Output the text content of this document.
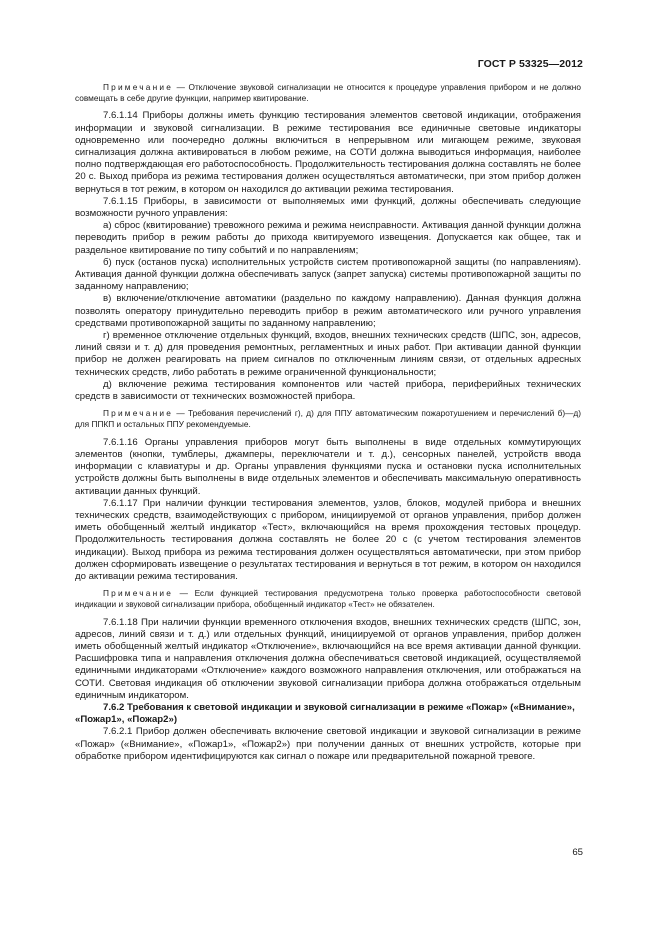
ГОСТ Р 53325—2012

Примечание — Отключение звуковой сигнализации не относится к процедуре управления прибором и не должно совмещать в себе другие функции, например квитирование.

7.6.1.14 Приборы должны иметь функцию тестирования элементов световой индикации, отображения информации и звуковой сигнализации. В режиме тестирования все единичные световые индикаторы одновременно или поочередно должны включиться в непрерывном или мигающем режиме, звуковая сигнализация должна активироваться в любом режиме, на СОТИ должна выводиться информация, наиболее полно подтверждающая его работоспособность. Продолжительность тестирования должна составлять не более 20 с. Выход прибора из режима тестирования должен осуществляться автоматически, при этом прибор должен вернуться в тот режим, в котором он находился до активации режима тестирования.

7.6.1.15 Приборы, в зависимости от выполняемых ими функций, должны обеспечивать следующие возможности ручного управления:

а) сброс (квитирование) тревожного режима и режима неисправности. Активация данной функции должна переводить прибор в режим работы до прихода квитируемого извещения. Допускается как общее, так и раздельное квитирование по типу событий и по направлениям;

б) пуск (останов пуска) исполнительных устройств систем противопожарной защиты (по направлениям). Активация данной функции должна обеспечивать запуск (запрет запуска) системы противопожарной защиты по заданному направлению;

в) включение/отключение автоматики (раздельно по каждому направлению). Данная функция должна позволять оператору принудительно переводить прибор в режим автоматического или ручного управления средствами противопожарной защиты по заданному направлению;

г) временное отключение отдельных функций, входов, внешних технических средств (ШПС, зон, адресов, линий связи и т. д) для проведения ремонтных, регламентных и иных работ. При активации данной функции прибор не должен реагировать на прием сигналов по отключенным линиям связи, от отдельных адресных технических средств, либо работать в режиме ограниченной функциональности;

д) включение режима тестирования компонентов или частей прибора, периферийных технических средств в зависимости от технических возможностей прибора.

Примечание — Требования перечислений г), д) для ППУ автоматическим пожаротушением и перечислений б)—д) для ППКП и остальных ППУ рекомендуемые.

7.6.1.16 Органы управления приборов могут быть выполнены в виде отдельных коммутирующих элементов (кнопки, тумблеры, джамперы, переключатели и т. д.), сенсорных панелей, устройств ввода информации с клавиатуры и др. Органы управления функциями пуска и остановки пуска исполнительных устройств должны быть выполнены в виде отдельных элементов и обеспечивать максимальную оперативность активации данных функций.

7.6.1.17 При наличии функции тестирования элементов, узлов, блоков, модулей прибора и внешних технических средств, взаимодействующих с прибором, инициируемой от органов управления, прибор должен иметь обобщенный желтый индикатор «Тест», включающийся на время прохождения тестовых процедур. Продолжительность тестирования должна составлять не более 20 с (с учетом тестирования элементов индикации). Выход прибора из режима тестирования должен осуществляться автоматически, при этом прибор должен сформировать извещение о результатах тестирования и вернуться в тот режим, в котором он находился до активации режима тестирования.

Примечание — Если функцией тестирования предусмотрена только проверка работоспособности световой индикации и звуковой сигнализации прибора, обобщенный индикатор «Тест» не обязателен.

7.6.1.18 При наличии функции временного отключения входов, внешних технических средств (ШПС, зон, адресов, линий связи и т. д.) или отдельных функций, инициируемой от органов управления, прибор должен иметь обобщенный желтый индикатор «Отключение», включающийся на все время активации данной функции. Расшифровка типа и направления отключения должна обеспечиваться световой индикацией, осуществляемой единичными индикаторами «Отключение» каждого возможного направления отключения, или отображаться на СОТИ. Световая индикация об отключении звуковой сигнализации прибора должна отображаться отдельным единичным индикатором.

7.6.2 Требования к световой индикации и звуковой сигнализации в режиме «Пожар» («Внимание», «Пожар1», «Пожар2»)

7.6.2.1 Прибор должен обеспечивать включение световой индикации и звуковой сигнализации в режиме «Пожар» («Внимание», «Пожар1», «Пожар2») при получении данных от внешних устройств, которые при обработке прибором идентифицируются как сигнал о пожаре или предварительной пожарной тревоге.

65
